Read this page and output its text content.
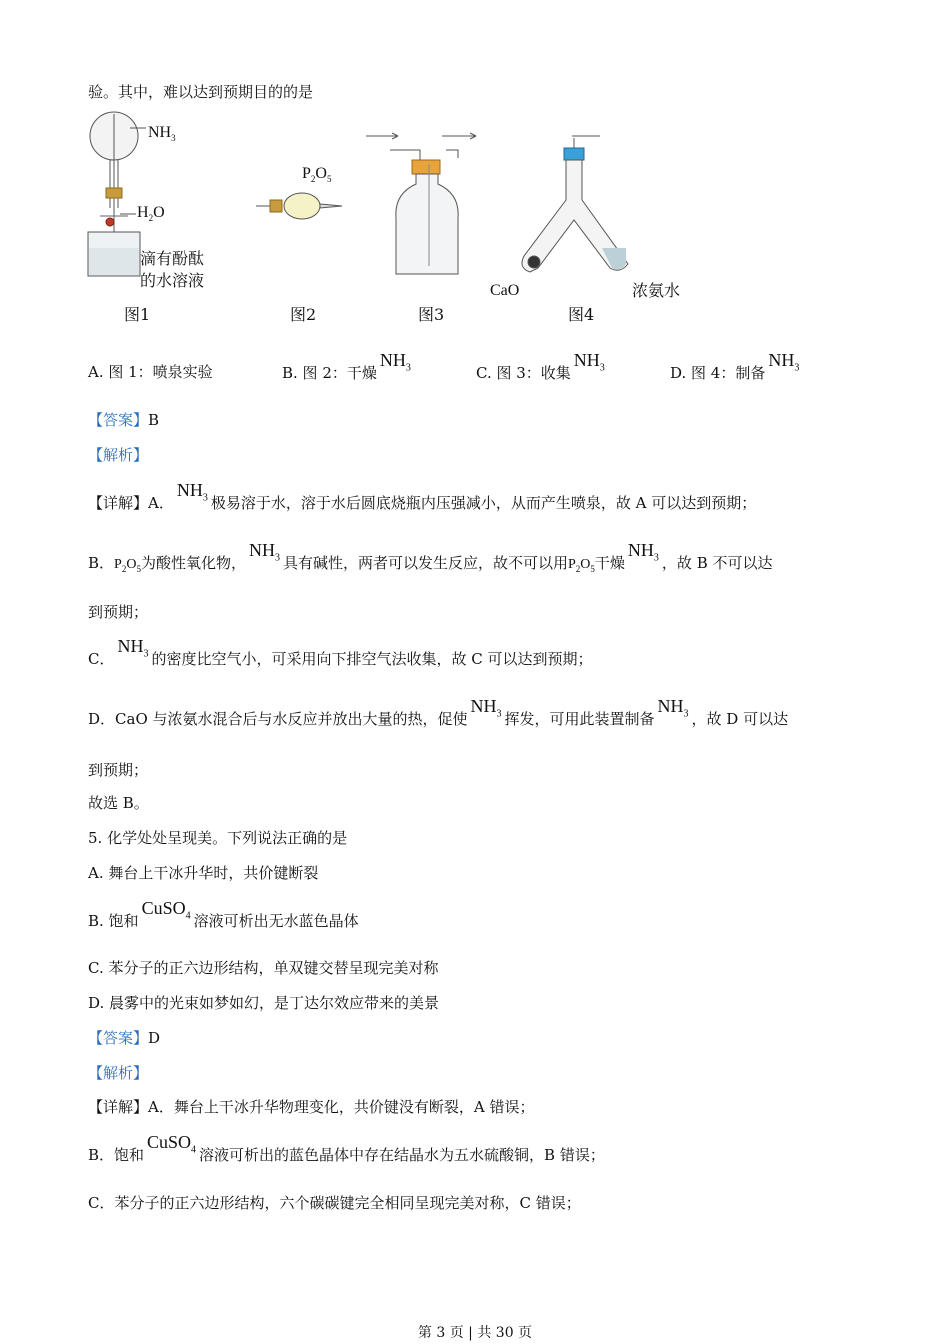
验。其中，难以达到预期目的的是
$NH_3$
$H_2O$
滴有酚酞
的水溶液
$P_2O_5$
CaO	浓氨水
图1	图2	图3	图4
A. 图 1：喷泉实验	B. 图 2：干燥$NH_3$	C. 图 3：收集$NH_3$	D. 图 4：制备$NH_3$
【答案】B
【解析】
【详解】A．$NH_3$ 极易溶于水，溶于水后圆底烧瓶内压强减小，从而产生喷泉，故 A 可以达到预期；
B．$P_2O_5$为酸性氧化物，$NH_3$ 具有碱性，两者可以发生反应，故不可以用$P_2O_5$干燥$NH_3$ ，故 B 不可以达
到预期；
C．$NH_3$ 的密度比空气小，可采用向下排空气法收集，故 C 可以达到预期；
D．CaO 与浓氨水混合后与水反应并放出大量的热，促使$NH_3$ 挥发，可用此装置制备$NH_3$ ，故 D 可以达
到预期；
故选 B。
5. 化学处处呈现美。下列说法正确的是
A. 舞台上干冰升华时，共价键断裂
B. 饱和CuSO$_4$ 溶液可析出无水蓝色晶体
C. 苯分子的正六边形结构，单双键交替呈现完美对称
D. 晨雾中的光束如梦如幻，是丁达尔效应带来的美景
【答案】D
【解析】
【详解】A．舞台上干冰升华物理变化，共价键没有断裂，A 错误；
B．饱和CuSO$_4$ 溶液可析出的蓝色晶体中存在结晶水为五水硫酸铜，B 错误；
C．苯分子的正六边形结构，六个碳碳键完全相同呈现完美对称，C 错误；
第 3 页 | 共 30 页
